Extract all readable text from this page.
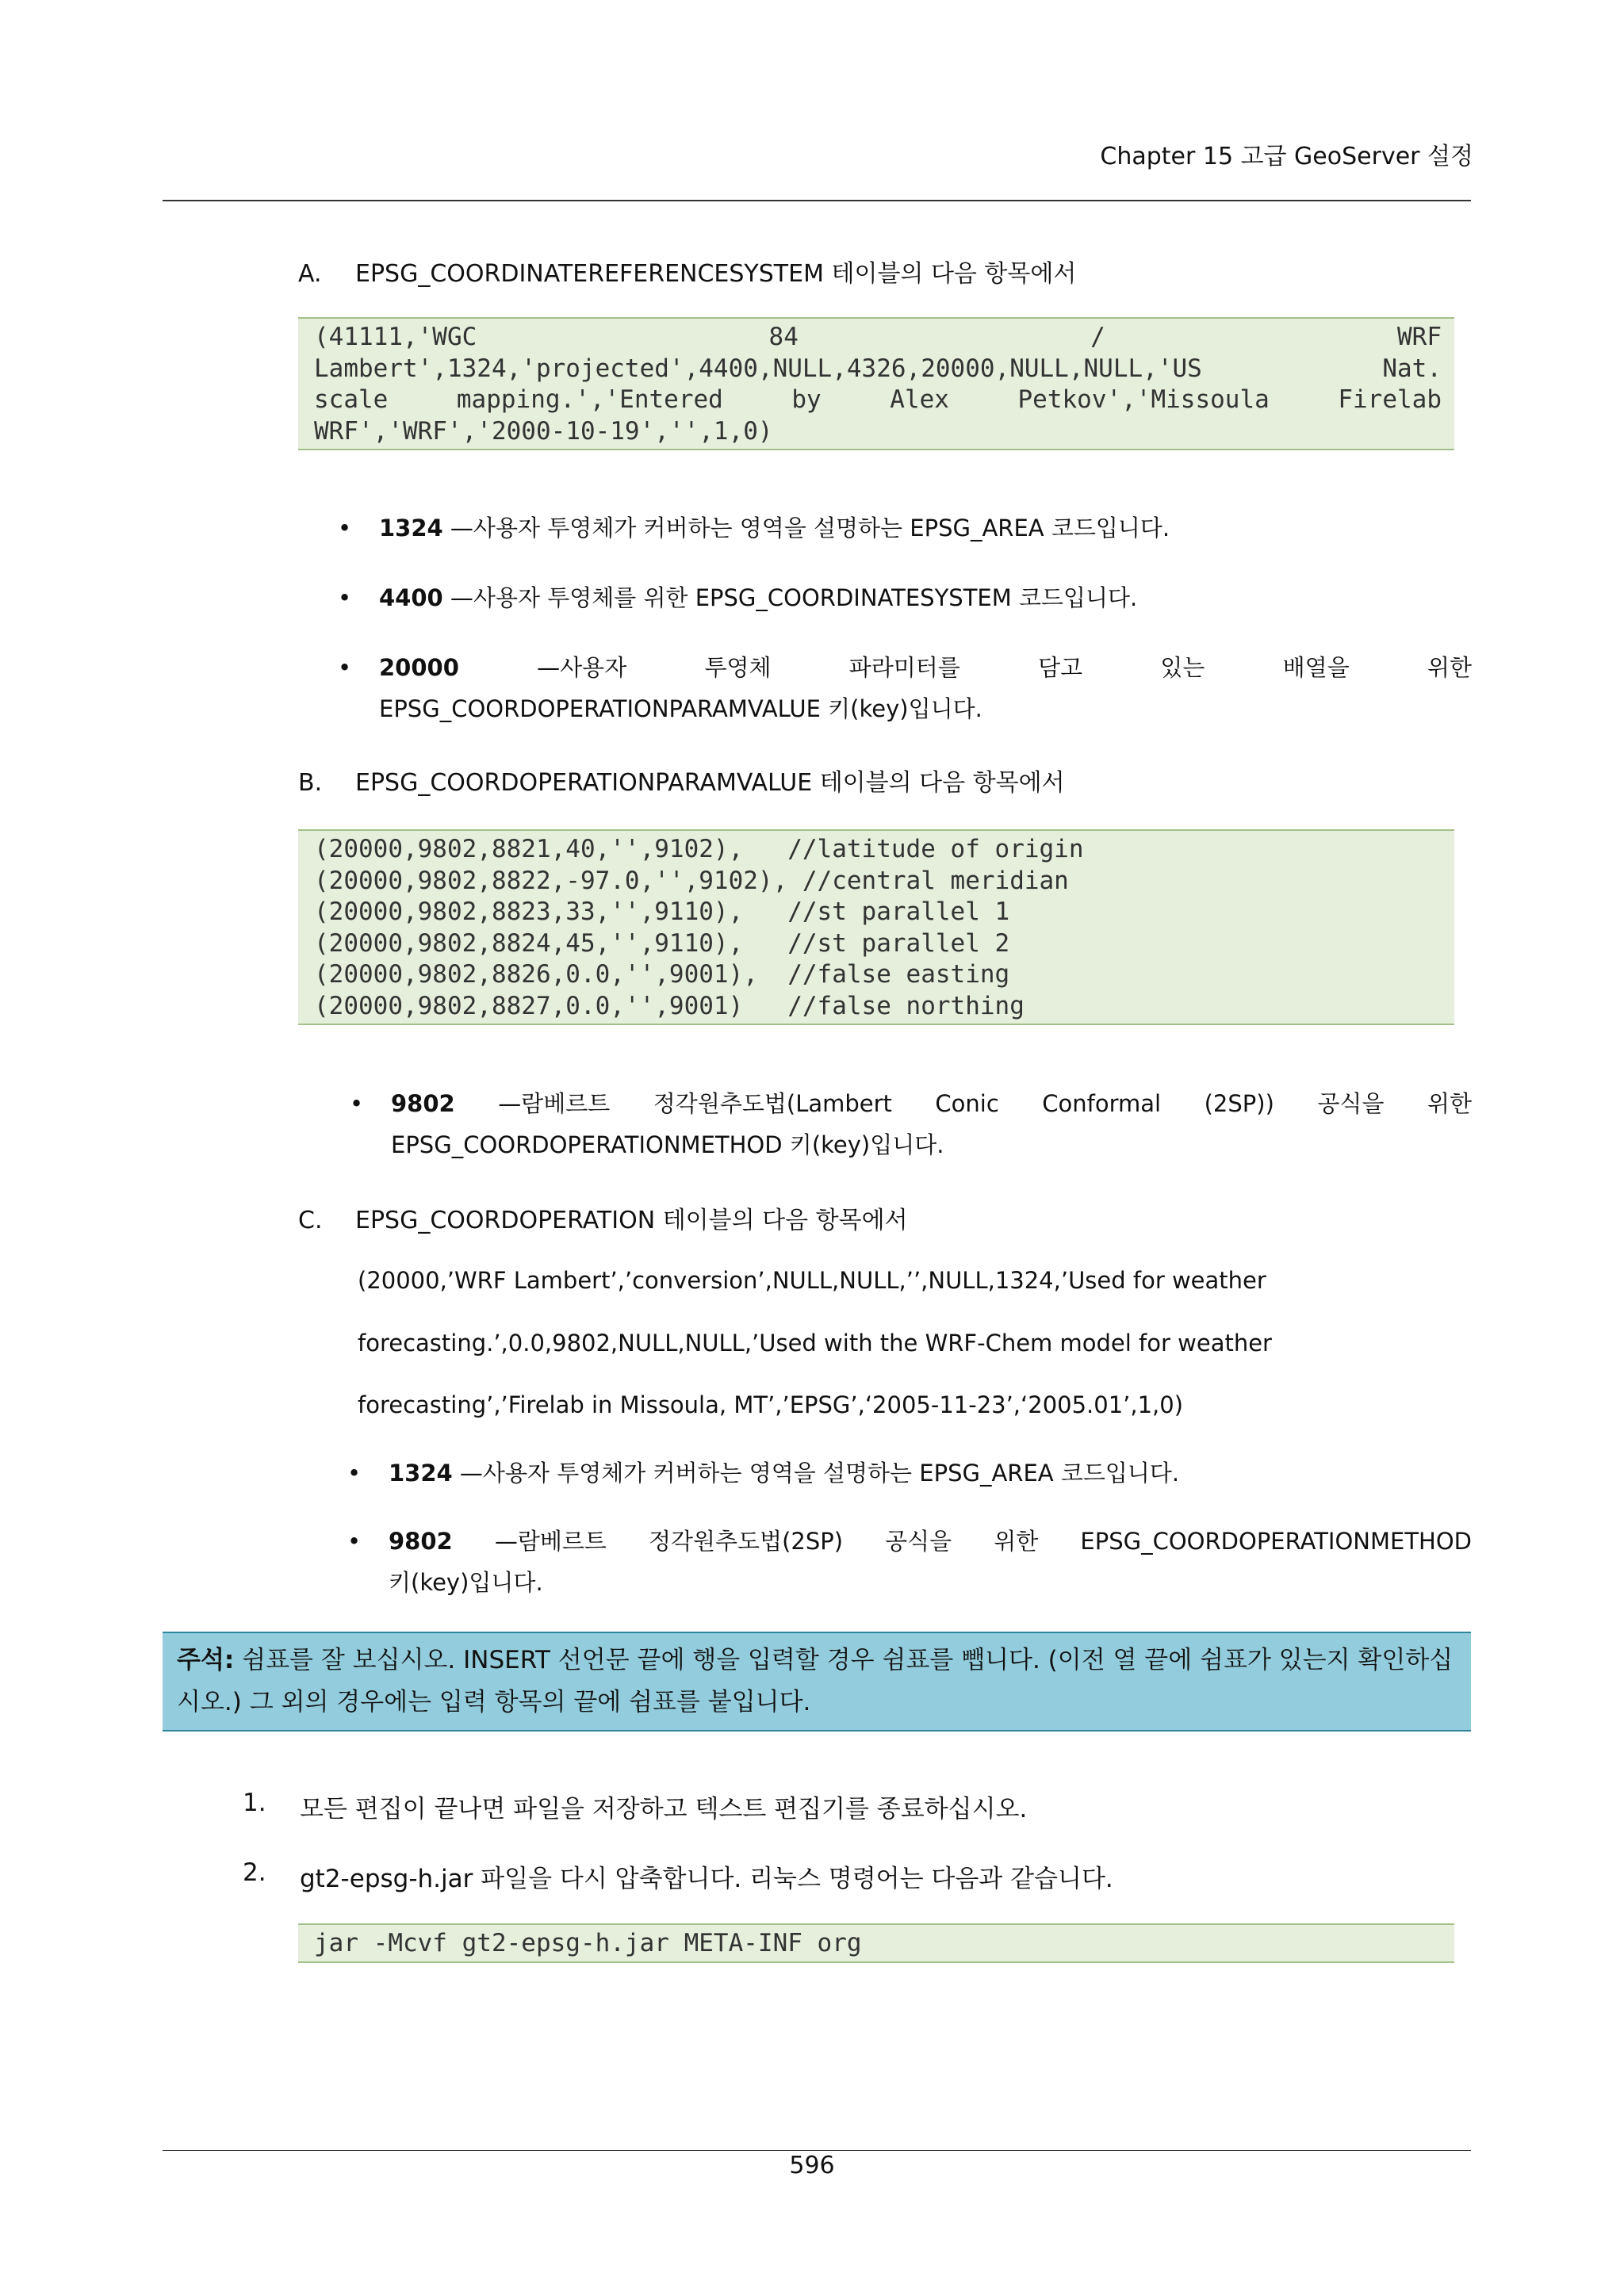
Chapter 15 고급 GeoServer 설정
A. EPSG_COORDINATEREFERENCESYSTEM 테이블의 다음 항목에서
(41111,'WGC 84 / WRF
Lambert',1324,'projected',4400,NULL,4326,20000,NULL,NULL,'US Nat.
scale mapping.','Entered by Alex Petkov','Missoula Firelab
WRF','WRF','2000-10-19','',1,0)
• 1324 —사용자 투영체가 커버하는 영역을 설명하는 EPSG_AREA 코드입니다.
• 4400 —사용자 투영체를 위한 EPSG_COORDINATESYSTEM 코드입니다.
• 20000 —사용자 투영체 파라미터를 담고 있는 배열을 위한
EPSG_COORDOPERATIONPARAMVALUE 키(key)입니다.
B. EPSG_COORDOPERATIONPARAMVALUE 테이블의 다음 항목에서
(20000,9802,8821,40,'',9102),   //latitude of origin
(20000,9802,8822,-97.0,'',9102), //central meridian
(20000,9802,8823,33,'',9110),   //st parallel 1
(20000,9802,8824,45,'',9110),   //st parallel 2
(20000,9802,8826,0.0,'',9001),  //false easting
(20000,9802,8827,0.0,'',9001)   //false northing
• 9802 —람베르트 정각원추도법(Lambert Conic Conformal (2SP)) 공식을 위한
EPSG_COORDOPERATIONMETHOD 키(key)입니다.
C. EPSG_COORDOPERATION 테이블의 다음 항목에서
(20000,’WRF Lambert’,’conversion’,NULL,NULL,’’,NULL,1324,’Used for weather
forecasting.’,0.0,9802,NULL,NULL,’Used with the WRF-Chem model for weather
forecasting’,’Firelab in Missoula, MT’,’EPSG’,‘2005-11-23’,‘2005.01’,1,0)
• 1324 —사용자 투영체가 커버하는 영역을 설명하는 EPSG_AREA 코드입니다.
• 9802 —람베르트 정각원추도법(2SP) 공식을 위한 EPSG_COORDOPERATIONMETHOD
키(key)입니다.
주석: 쉼표를 잘 보십시오. INSERT 선언문 끝에 행을 입력할 경우 쉼표를 뺍니다. (이전 열 끝에 쉼표가 있는지 확인하십시오.) 그 외의 경우에는 입력 항목의 끝에 쉼표를 붙입니다.
1. 모든 편집이 끝나면 파일을 저장하고 텍스트 편집기를 종료하십시오.
2. gt2-epsg-h.jar 파일을 다시 압축합니다. 리눅스 명령어는 다음과 같습니다.
jar -Mcvf gt2-epsg-h.jar META-INF org
596
